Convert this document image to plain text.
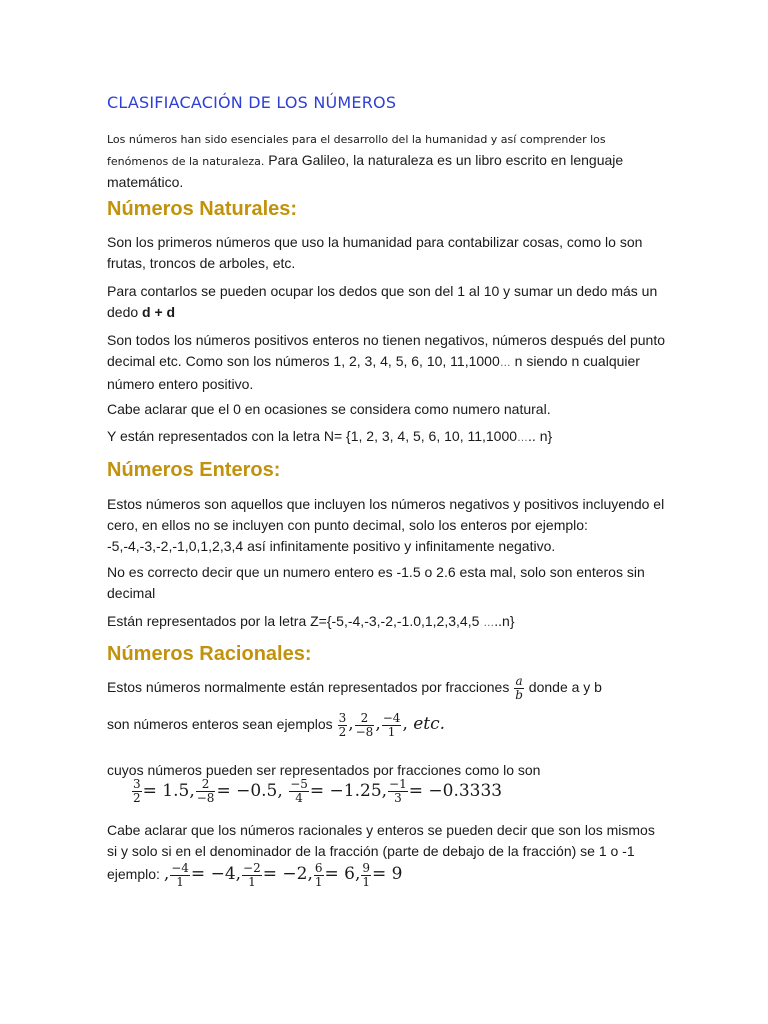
CLASIFIACACIÓN DE LOS NÚMEROS
Los números han sido esenciales para el desarrollo del la humanidad y así comprender los fenómenos de la naturaleza. Para Galileo, la naturaleza es un libro escrito en lenguaje matemático.
Números Naturales:

Son los primeros números que uso la humanidad para contabilizar cosas, como lo son frutas, troncos de arboles, etc.

Para contarlos se pueden ocupar los dedos que son del 1 al 10 y sumar un dedo más un dedo d + d

Son todos los números positivos enteros no tienen negativos, números después del punto decimal etc. Como son los números 1, 2, 3, 4, 5, 6, 10, 11,1000… n siendo n cualquier número entero positivo.

Cabe aclarar que el 0 en ocasiones se considera como numero natural.

Y están representados con la letra N= {1, 2, 3, 4, 5, 6, 10, 11,1000….. n}

Números Enteros:

Estos números son aquellos que incluyen los números negativos y positivos incluyendo el cero, en ellos no se incluyen con punto decimal, solo los enteros por ejemplo: -5,-4,-3,-2,-1,0,1,2,3,4 así infinitamente positivo y infinitamente negativo.

No es correcto decir que un numero entero es -1.5 o 2.6 esta mal, solo son enteros sin decimal

Están representados por la letra Z={-5,-4,-3,-2,-1.0,1,2,3,4,5 …..n}

Números Racionales:

Estos números normalmente están representados por fracciones $\frac{a}{b}$ donde a y b

son números enteros sean ejemplos $\frac{3}{2}$ , $\frac{2}{-8}$ , $\frac{-4}{1}$ , etc.

cuyos números pueden ser representados por fracciones como lo son

$\frac{3}{2} = 1.5$, $\frac{2}{-8} = -0.5$, $\frac{-5}{4} = -1.25$, $\frac{-1}{3} = -0.3333$

Cabe aclarar que los números racionales y enteros se pueden decir que son los mismos si y solo si en el denominador de la fracción (parte de debajo de la fracción) se 1 o -1 ejemplo: , $\frac{-4}{1} = -4$, $\frac{-2}{1} = -2$, $\frac{6}{1} = 6$, $\frac{9}{1} = 9$
